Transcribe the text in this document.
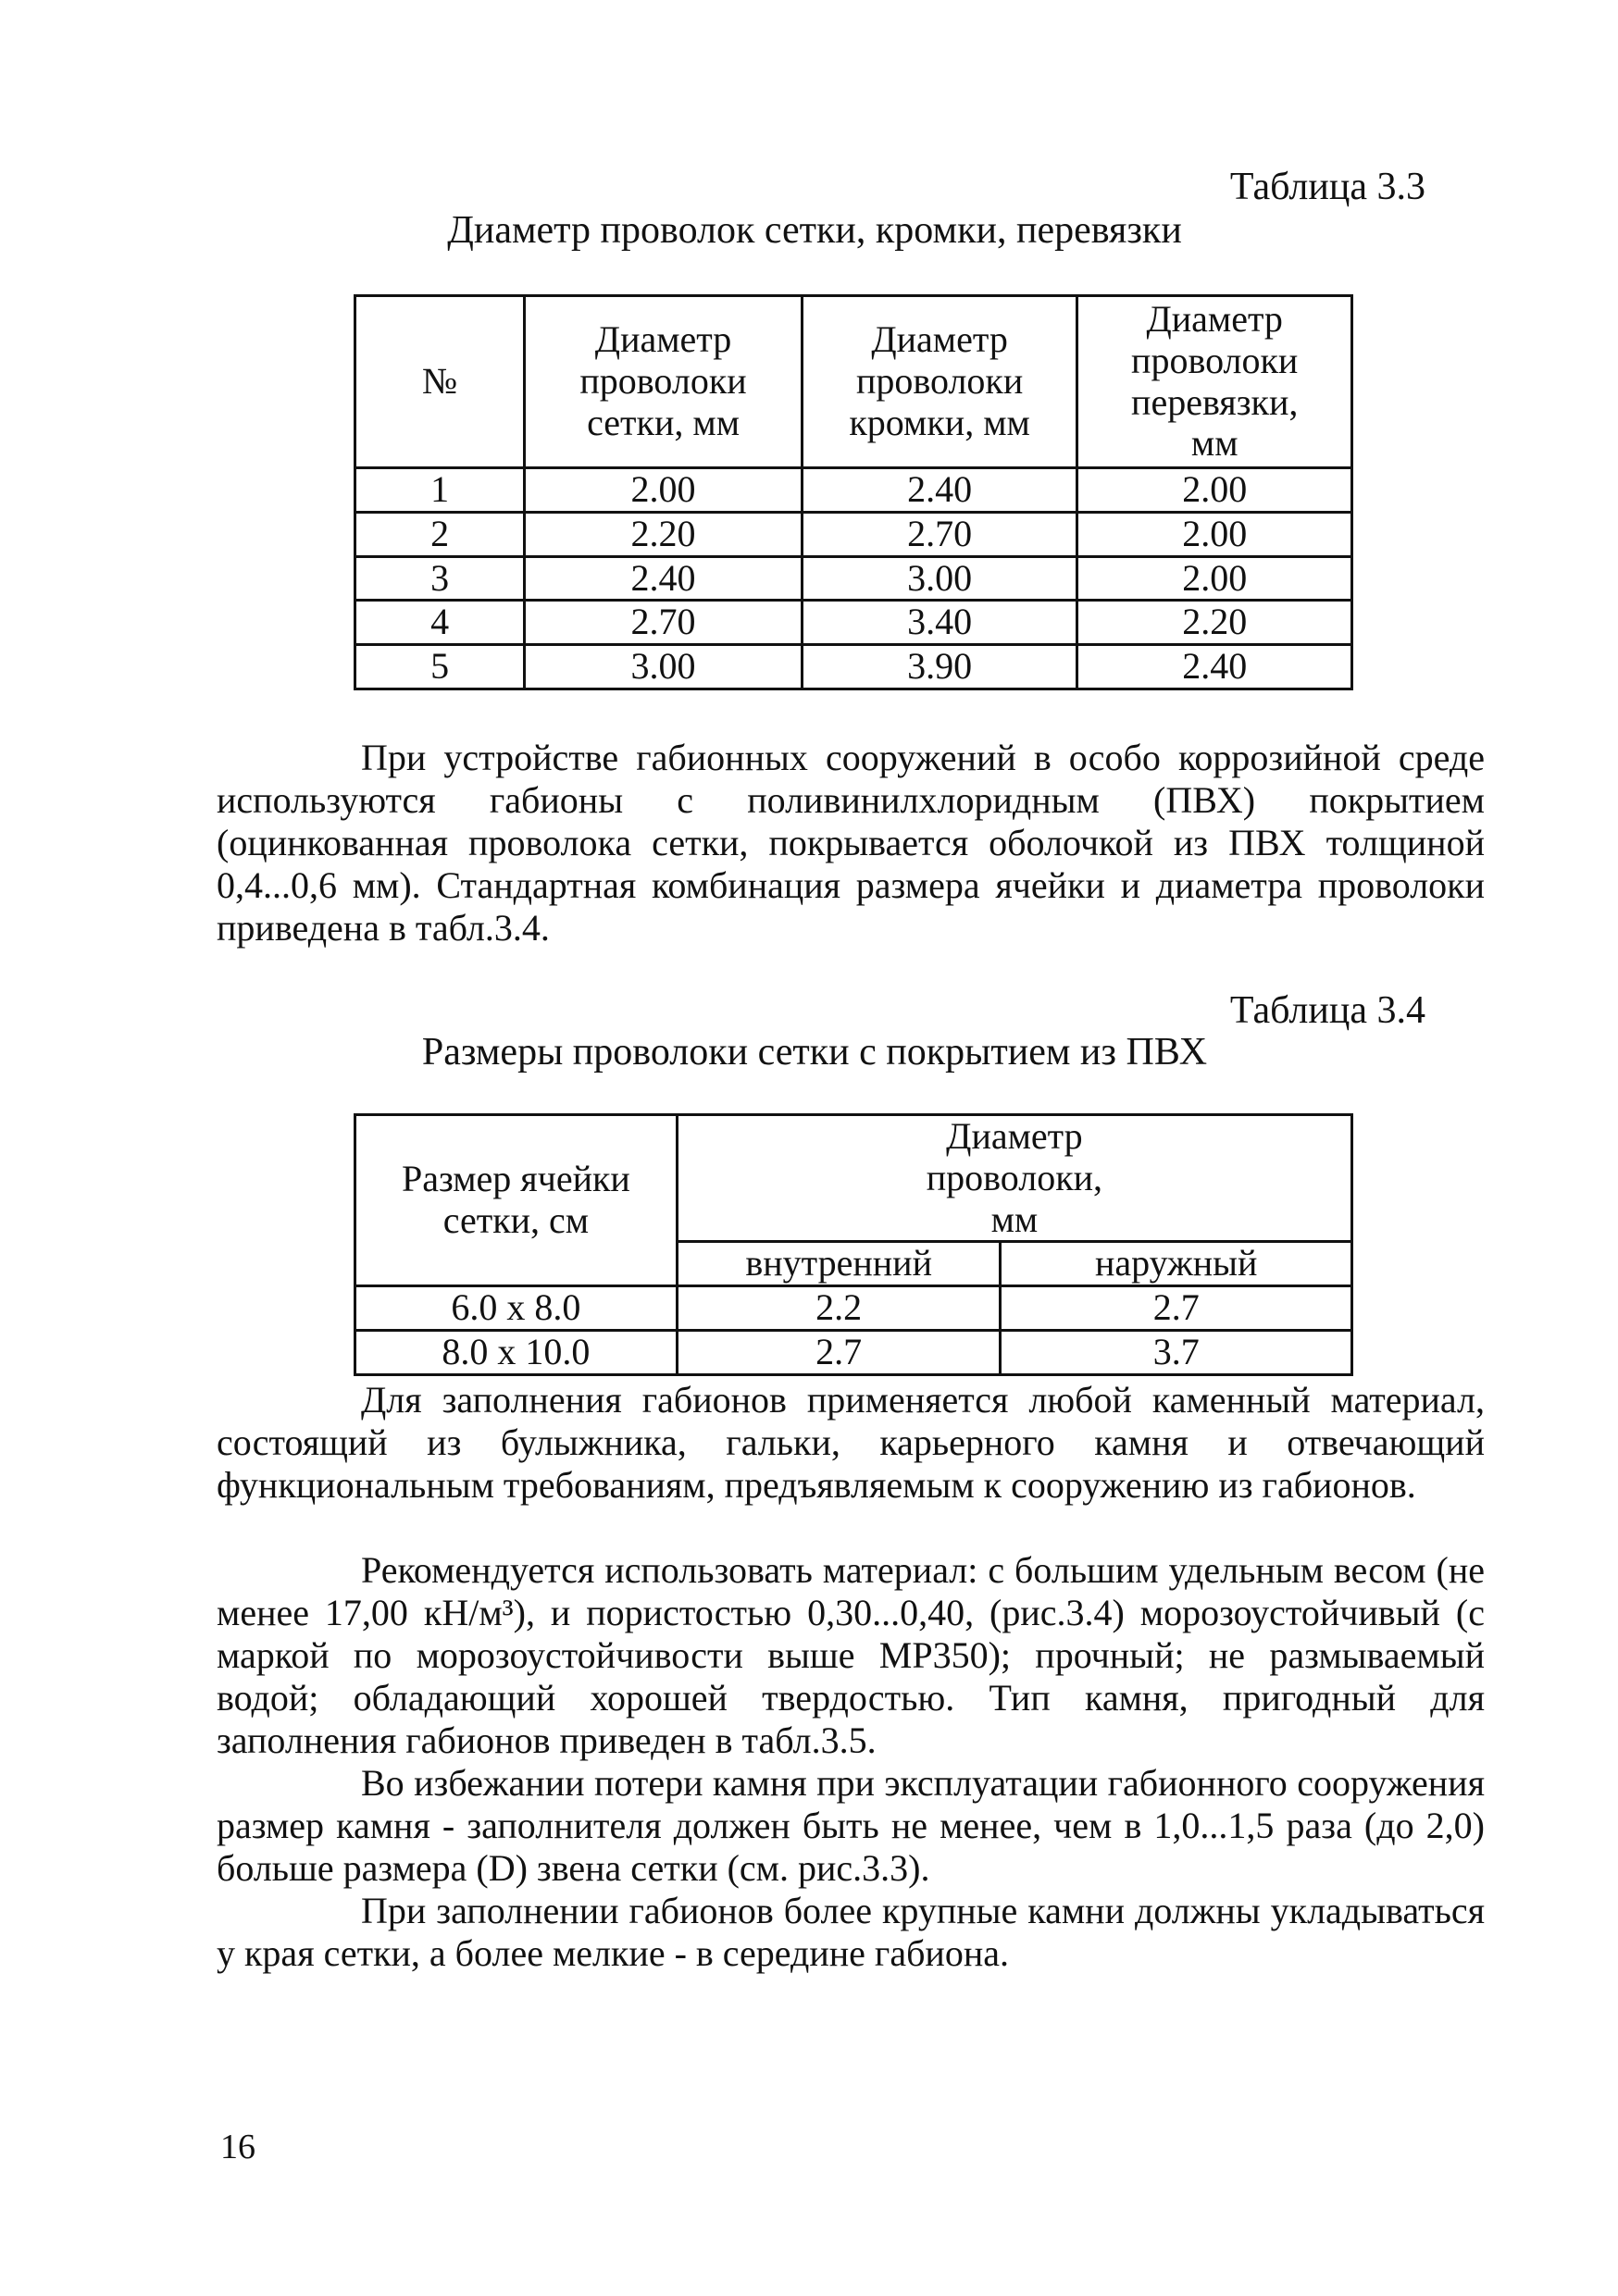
Таблица 3.3
Диаметр проволок сетки, кромки, перевязки
№	Диаметр проволоки сетки, мм	Диаметр проволоки кромки, мм	Диаметр проволоки перевязки, мм
1	2.00	2.40	2.00
2	2.20	2.70	2.00
3	2.40	3.00	2.00
4	2.70	3.40	2.20
5	3.00	3.90	2.40

При устройстве габионных сооружений в особо коррозийной среде используются габионы с поливинилхлоридным (ПВХ) покрытием (оцинкованная проволока сетки, покрывается оболочкой из ПВХ толщиной 0,4...0,6 мм). Стандартная комбинация размера ячейки и диаметра проволоки приведена в табл.3.4.

Таблица 3.4
Размеры проволоки сетки с покрытием из ПВХ
Размер ячейки сетки, см	Диаметр проволоки, мм	
	внутренний	наружный
6.0 х 8.0	2.2	2.7
8.0 х 10.0	2.7	3.7

Для заполнения габионов применяется любой каменный материал, состоящий из булыжника, гальки, карьерного камня и отвечающий функциональным требованиям, предъявляемым к сооружению из габионов.

Рекомендуется использовать материал: с большим удельным весом (не менее 17,00 кН/м³), и пористостью 0,30...0,40, (рис.3.4) морозоустойчивый (с маркой по морозоустойчивости выше МР350); прочный; не размываемый водой; обладающий хорошей твердостью. Тип камня, пригодный для заполнения габионов приведен в табл.3.5.

Во избежании потери камня при эксплуатации габионного сооружения размер камня - заполнителя должен быть не менее, чем в 1,0...1,5 раза (до 2,0) больше размера (D) звена сетки (см. рис.3.3).

При заполнении габионов более крупные камни должны укладываться у края сетки, а более мелкие - в середине габиона.

16
